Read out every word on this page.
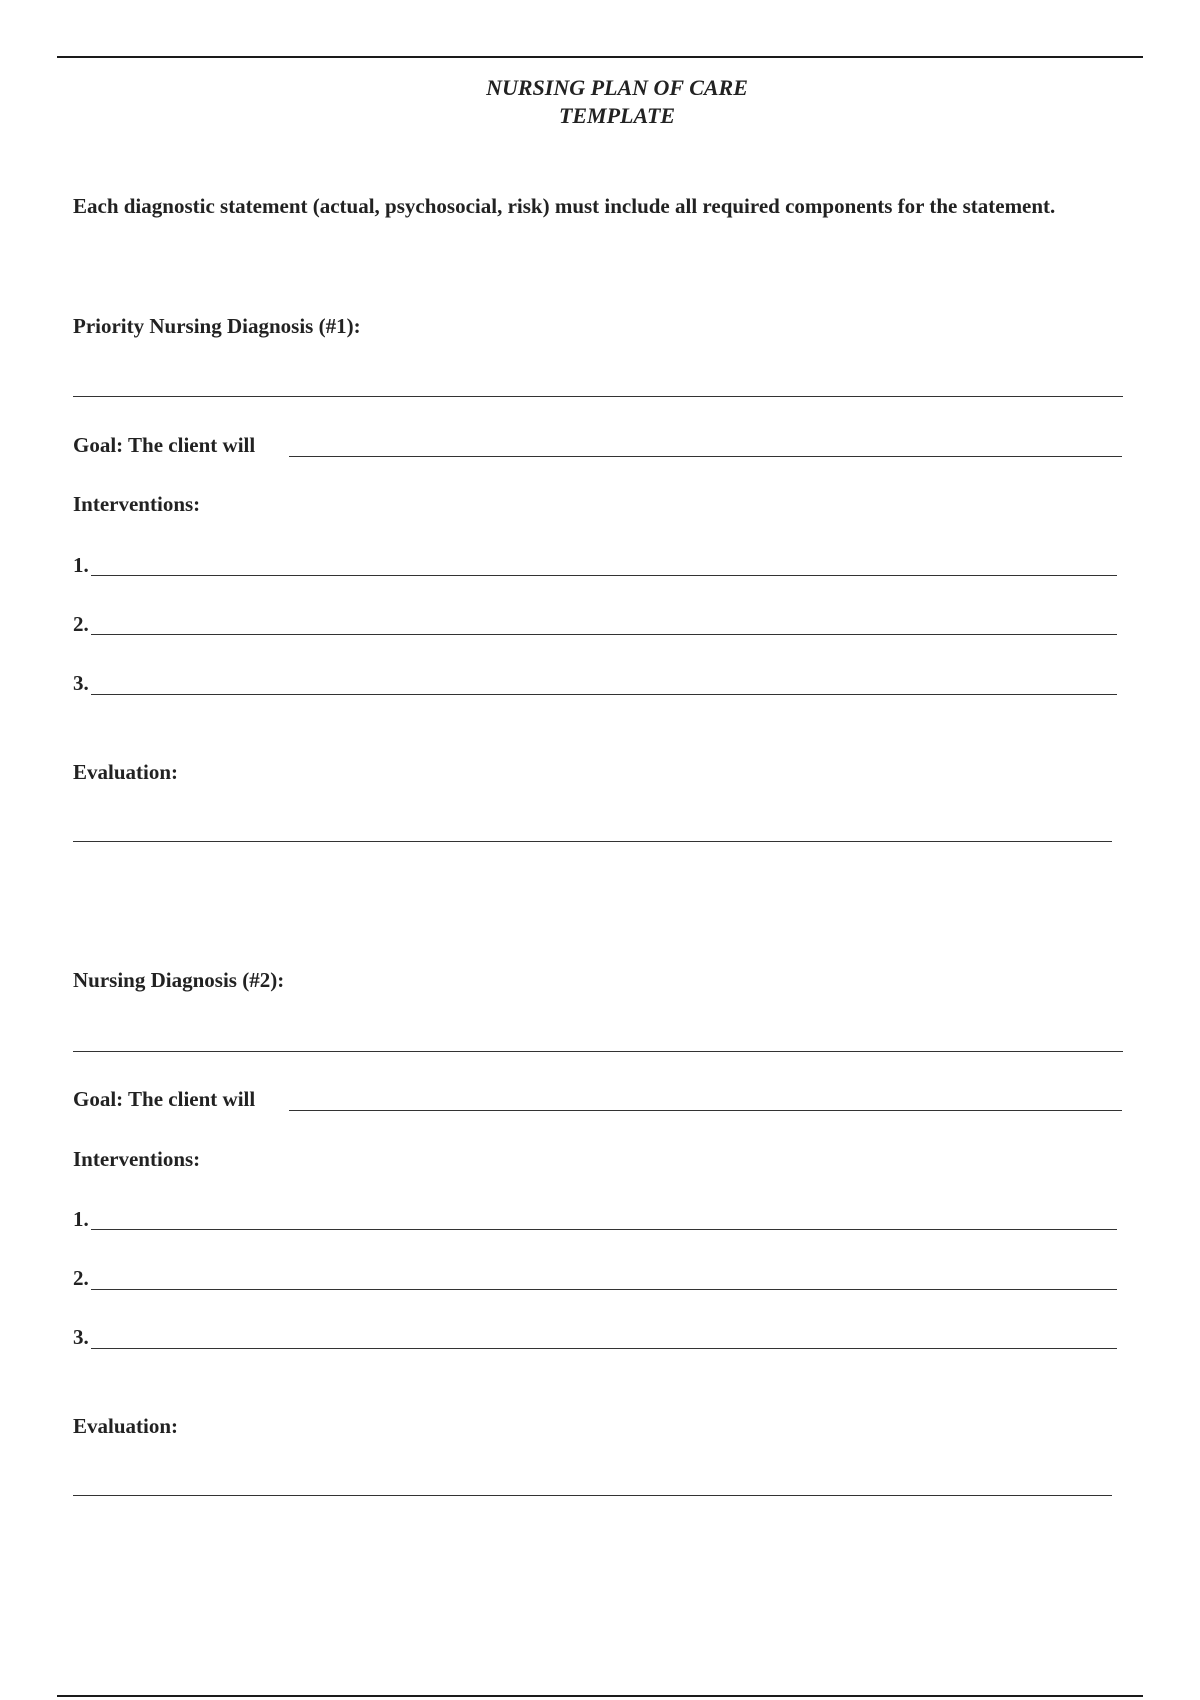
NURSING PLAN OF CARE
TEMPLATE
Each diagnostic statement (actual, psychosocial, risk) must include all required components for the statement.
Priority Nursing Diagnosis (#1):
Goal: The client will
Interventions:
1.
2.
3.
Evaluation:
Nursing Diagnosis (#2):
Goal: The client will
Interventions:
1.
2.
3.
Evaluation:
